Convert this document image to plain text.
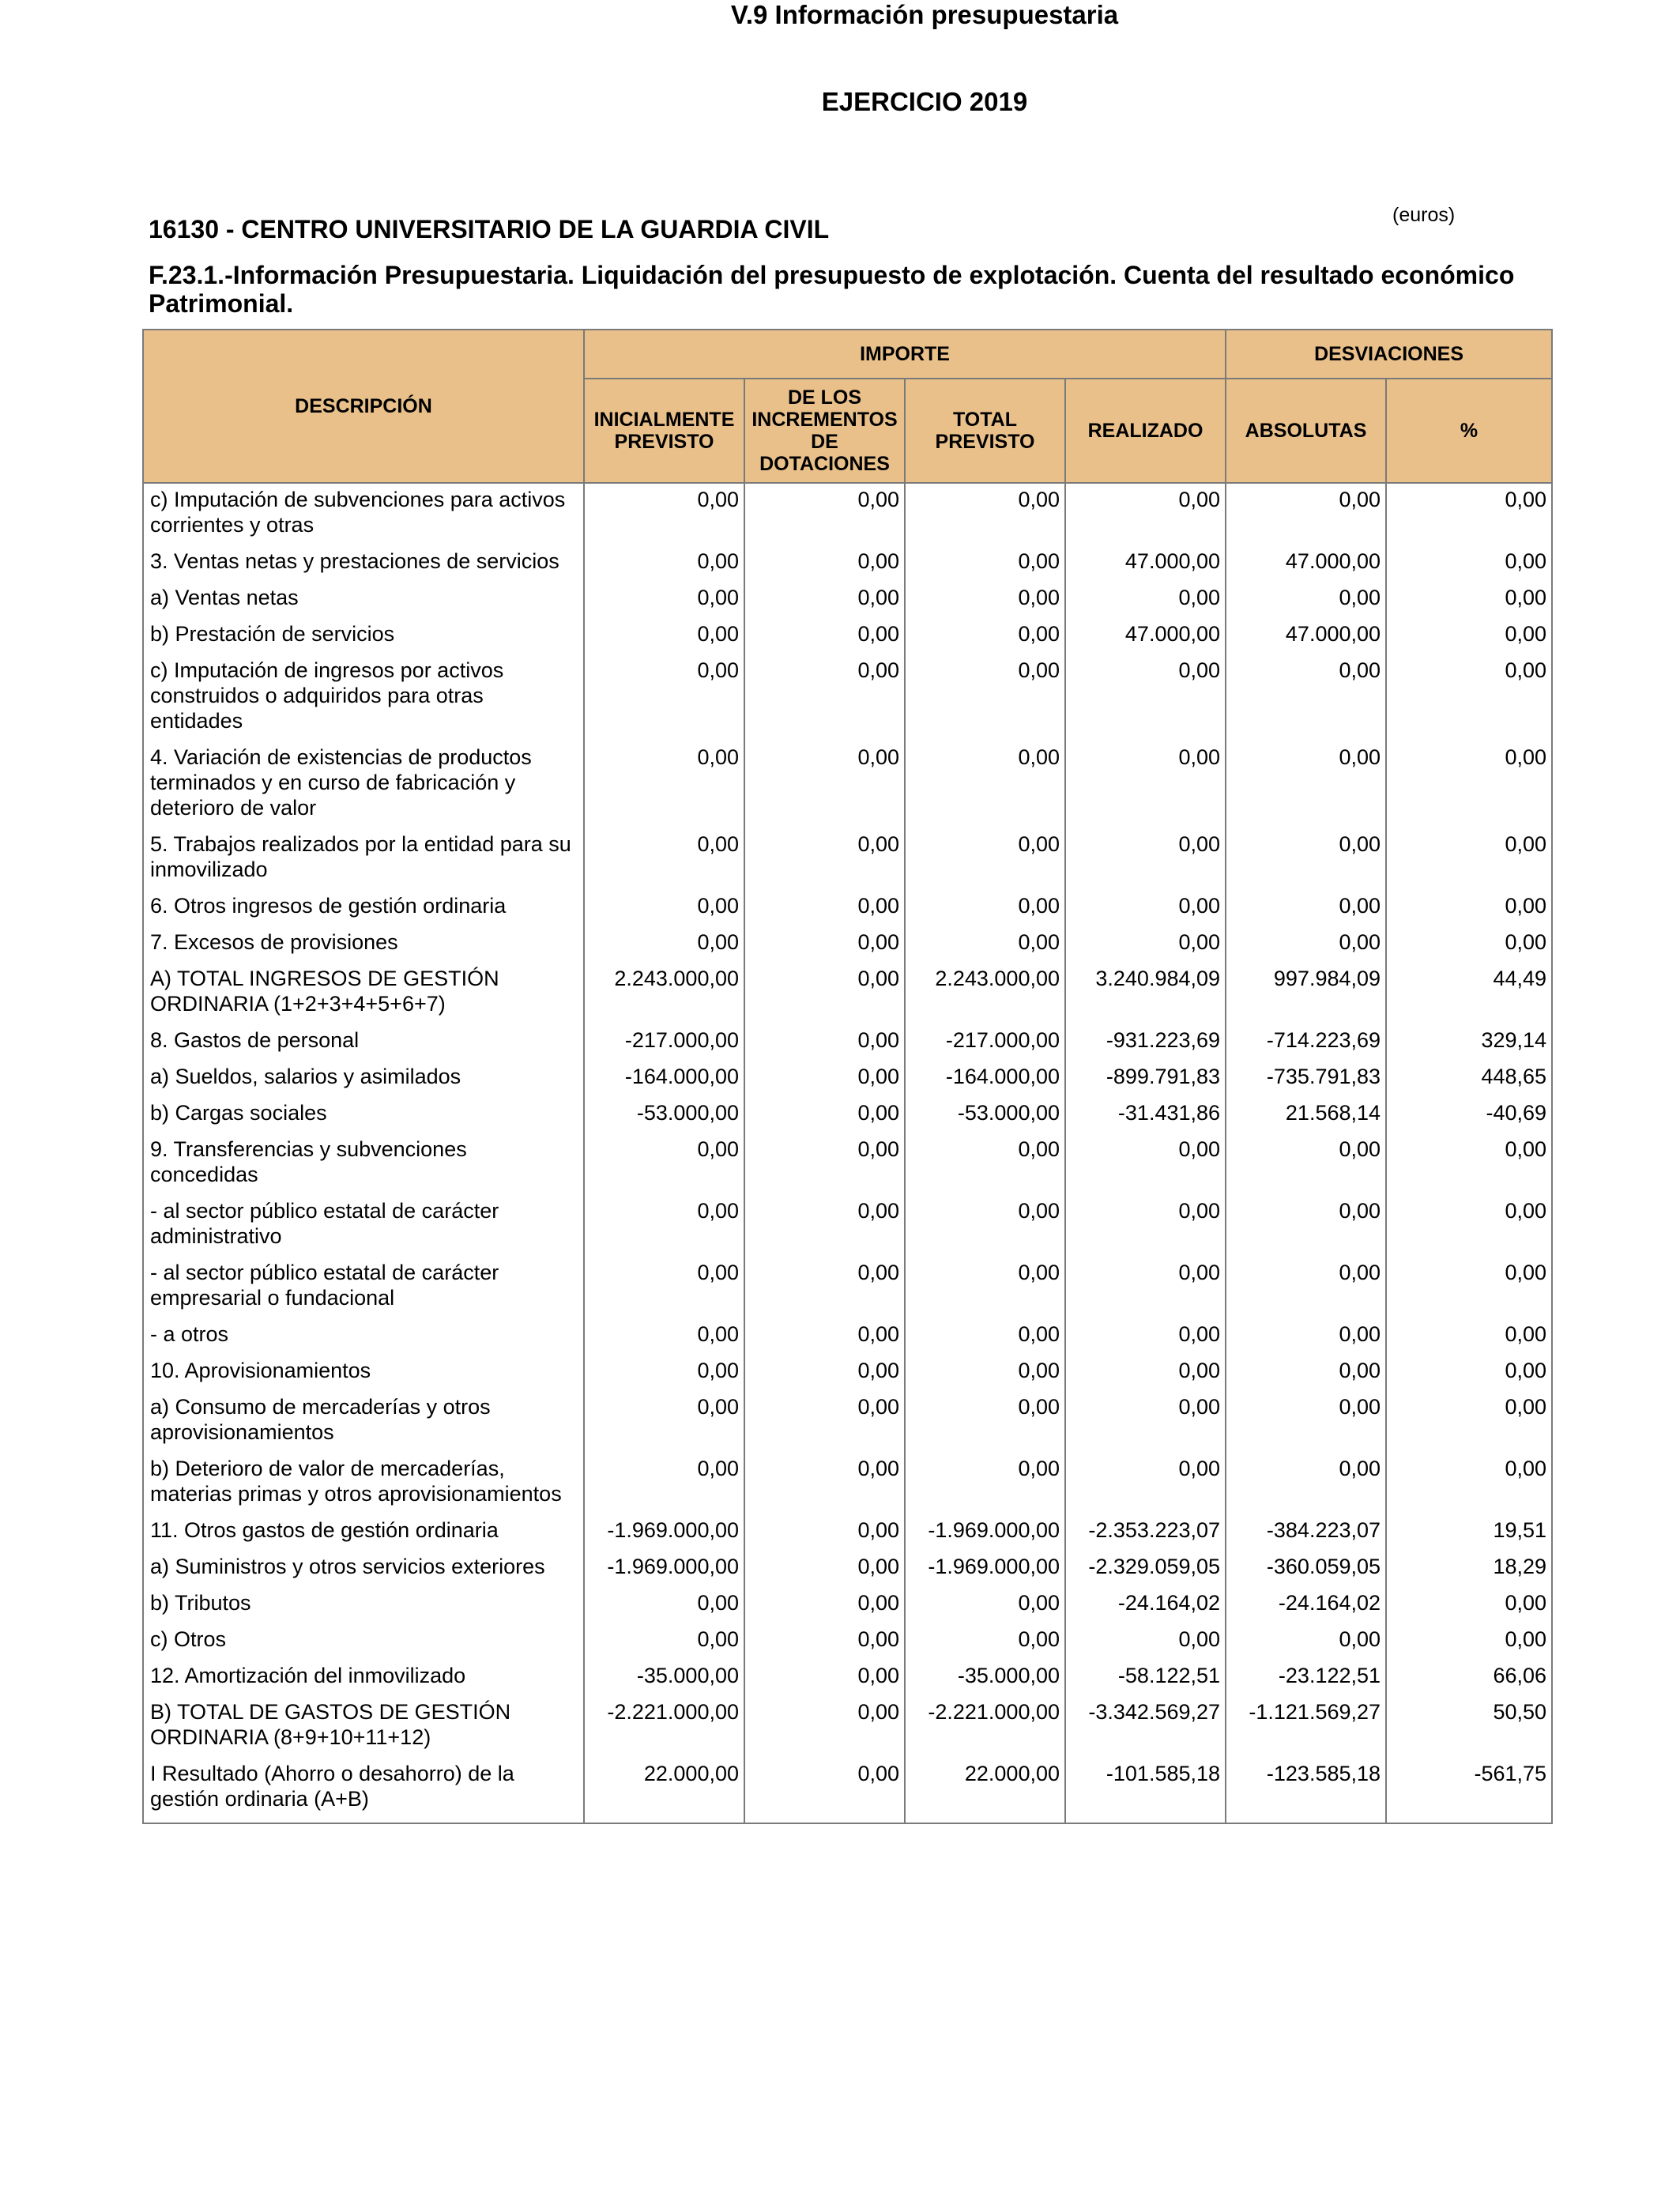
V.9 Información presupuestaria
EJERCICIO 2019
16130 - CENTRO UNIVERSITARIO DE LA GUARDIA CIVIL	(euros)
F.23.1.-Información Presupuestaria. Liquidación del presupuesto de explotación. Cuenta del resultado económico Patrimonial.
DESCRIPCIÓN	IMPORTE				DESVIACIONES	
	INICIALMENTE PREVISTO	DE LOS INCREMENTOS DE DOTACIONES	TOTAL PREVISTO	REALIZADO	ABSOLUTAS	%
c) Imputación de subvenciones para activos corrientes y otras	0,00	0,00	0,00	0,00	0,00	0,00
3. Ventas netas y prestaciones de servicios	0,00	0,00	0,00	47.000,00	47.000,00	0,00
a) Ventas netas	0,00	0,00	0,00	0,00	0,00	0,00
b) Prestación de servicios	0,00	0,00	0,00	47.000,00	47.000,00	0,00
c) Imputación de ingresos por activos construidos o adquiridos para otras entidades	0,00	0,00	0,00	0,00	0,00	0,00
4. Variación de existencias de productos terminados y en curso de fabricación y deterioro de valor	0,00	0,00	0,00	0,00	0,00	0,00
5. Trabajos realizados por la entidad para su inmovilizado	0,00	0,00	0,00	0,00	0,00	0,00
6. Otros ingresos de gestión ordinaria	0,00	0,00	0,00	0,00	0,00	0,00
7. Excesos de provisiones	0,00	0,00	0,00	0,00	0,00	0,00
A) TOTAL INGRESOS DE GESTIÓN ORDINARIA (1+2+3+4+5+6+7)	2.243.000,00	0,00	2.243.000,00	3.240.984,09	997.984,09	44,49
8. Gastos de personal	-217.000,00	0,00	-217.000,00	-931.223,69	-714.223,69	329,14
a) Sueldos, salarios y asimilados	-164.000,00	0,00	-164.000,00	-899.791,83	-735.791,83	448,65
b) Cargas sociales	-53.000,00	0,00	-53.000,00	-31.431,86	21.568,14	-40,69
9. Transferencias y subvenciones concedidas	0,00	0,00	0,00	0,00	0,00	0,00
- al sector público estatal de carácter administrativo	0,00	0,00	0,00	0,00	0,00	0,00
- al sector público estatal de carácter empresarial o fundacional	0,00	0,00	0,00	0,00	0,00	0,00
- a otros	0,00	0,00	0,00	0,00	0,00	0,00
10. Aprovisionamientos	0,00	0,00	0,00	0,00	0,00	0,00
a) Consumo de mercaderías y otros aprovisionamientos	0,00	0,00	0,00	0,00	0,00	0,00
b) Deterioro de valor de mercaderías, materias primas y otros aprovisionamientos	0,00	0,00	0,00	0,00	0,00	0,00
11. Otros gastos de gestión ordinaria	-1.969.000,00	0,00	-1.969.000,00	-2.353.223,07	-384.223,07	19,51
a) Suministros y otros servicios exteriores	-1.969.000,00	0,00	-1.969.000,00	-2.329.059,05	-360.059,05	18,29
b) Tributos	0,00	0,00	0,00	-24.164,02	-24.164,02	0,00
c) Otros	0,00	0,00	0,00	0,00	0,00	0,00
12. Amortización del inmovilizado	-35.000,00	0,00	-35.000,00	-58.122,51	-23.122,51	66,06
B) TOTAL DE GASTOS DE GESTIÓN ORDINARIA (8+9+10+11+12)	-2.221.000,00	0,00	-2.221.000,00	-3.342.569,27	-1.121.569,27	50,50
I Resultado (Ahorro o desahorro) de la gestión ordinaria (A+B)	22.000,00	0,00	22.000,00	-101.585,18	-123.585,18	-561,75
